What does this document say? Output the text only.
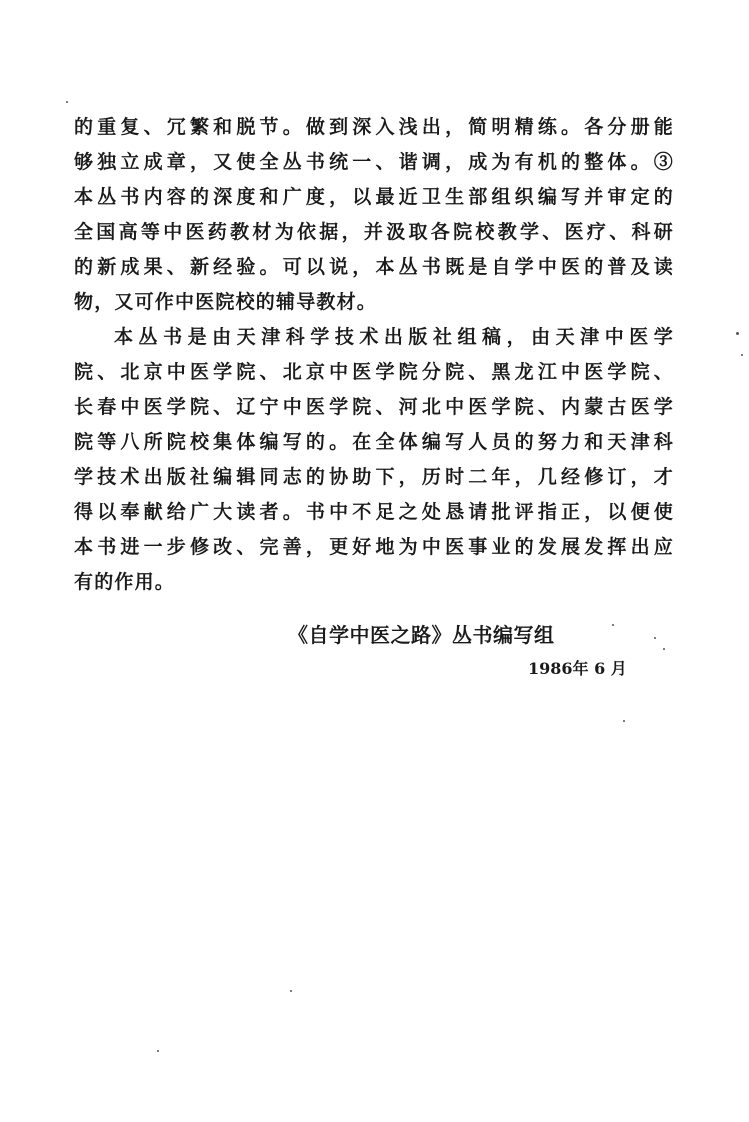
的重复、冗繁和脱节。做到深入浅出，简明精练。各分册能
够独立成章，又使全丛书统一、谐调，成为有机的整体。③
本丛书内容的深度和广度，以最近卫生部组织编写并审定的
全国高等中医药教材为依据，并汲取各院校教学、医疗、科研
的新成果、新经验。可以说，本丛书既是自学中医的普及读
物，又可作中医院校的辅导教材。
本丛书是由天津科学技术出版社组稿，由天津中医学
院、北京中医学院、北京中医学院分院、黑龙江中医学院、
长春中医学院、辽宁中医学院、河北中医学院、内蒙古医学
院等八所院校集体编写的。在全体编写人员的努力和天津科
学技术出版社编辑同志的协助下，历时二年，几经修订，才
得以奉献给广大读者。书中不足之处恳请批评指正，以便使
本书进一步修改、完善，更好地为中医事业的发展发挥出应
有的作用。
《自学中医之路》丛书编写组
1986年 6 月
